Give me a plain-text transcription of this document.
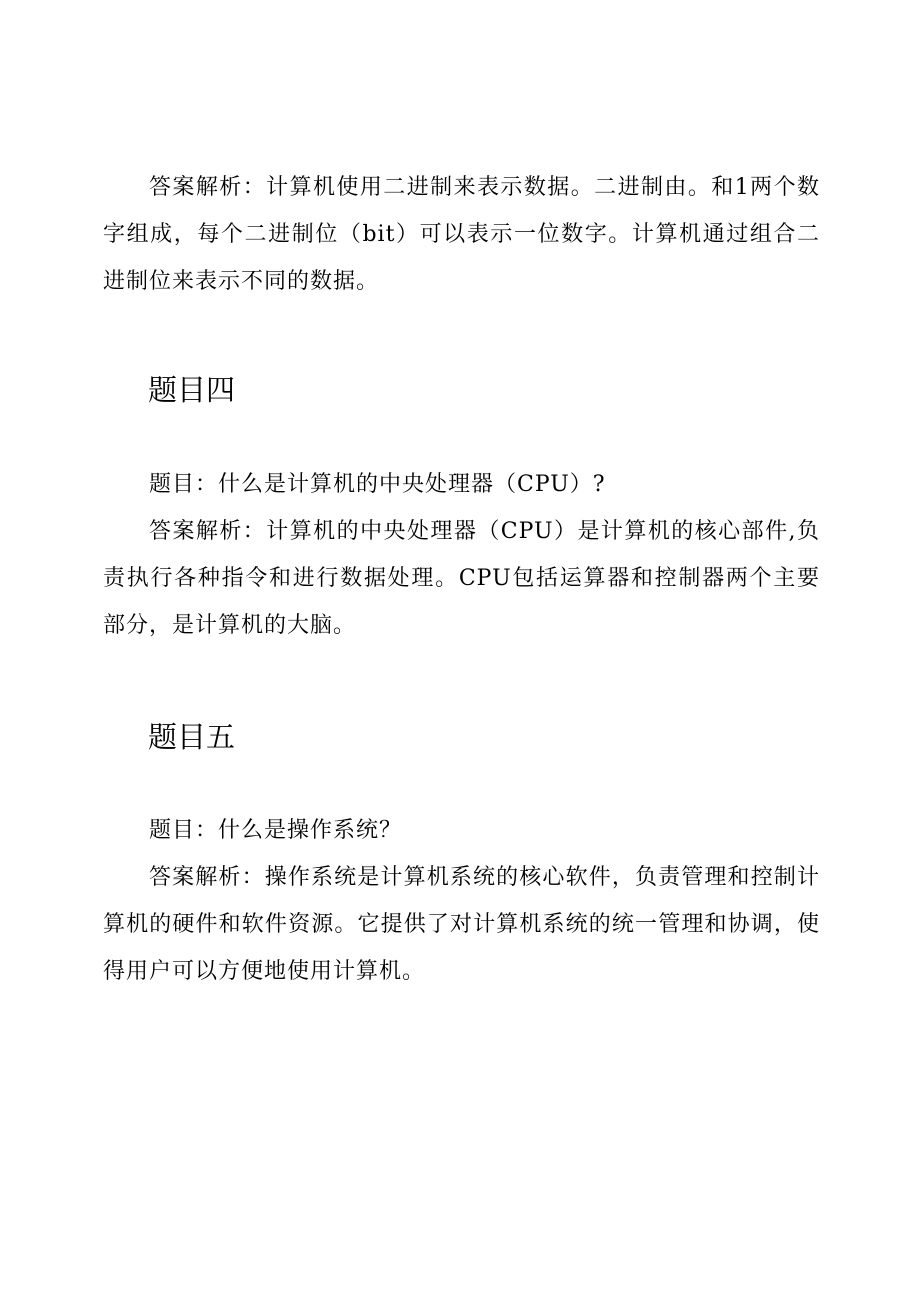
答案解析：计算机使用二进制来表示数据。二进制由。和1两个数字组成，每个二进制位（bit）可以表示一位数字。计算机通过组合二进制位来表示不同的数据。

题目四

题目：什么是计算机的中央处理器（CPU）?

答案解析：计算机的中央处理器（CPU）是计算机的核心部件,负责执行各种指令和进行数据处理。CPU包括运算器和控制器两个主要部分，是计算机的大脑。

题目五

题目：什么是操作系统？

答案解析：操作系统是计算机系统的核心软件，负责管理和控制计算机的硬件和软件资源。它提供了对计算机系统的统一管理和协调，使得用户可以方便地使用计算机。
